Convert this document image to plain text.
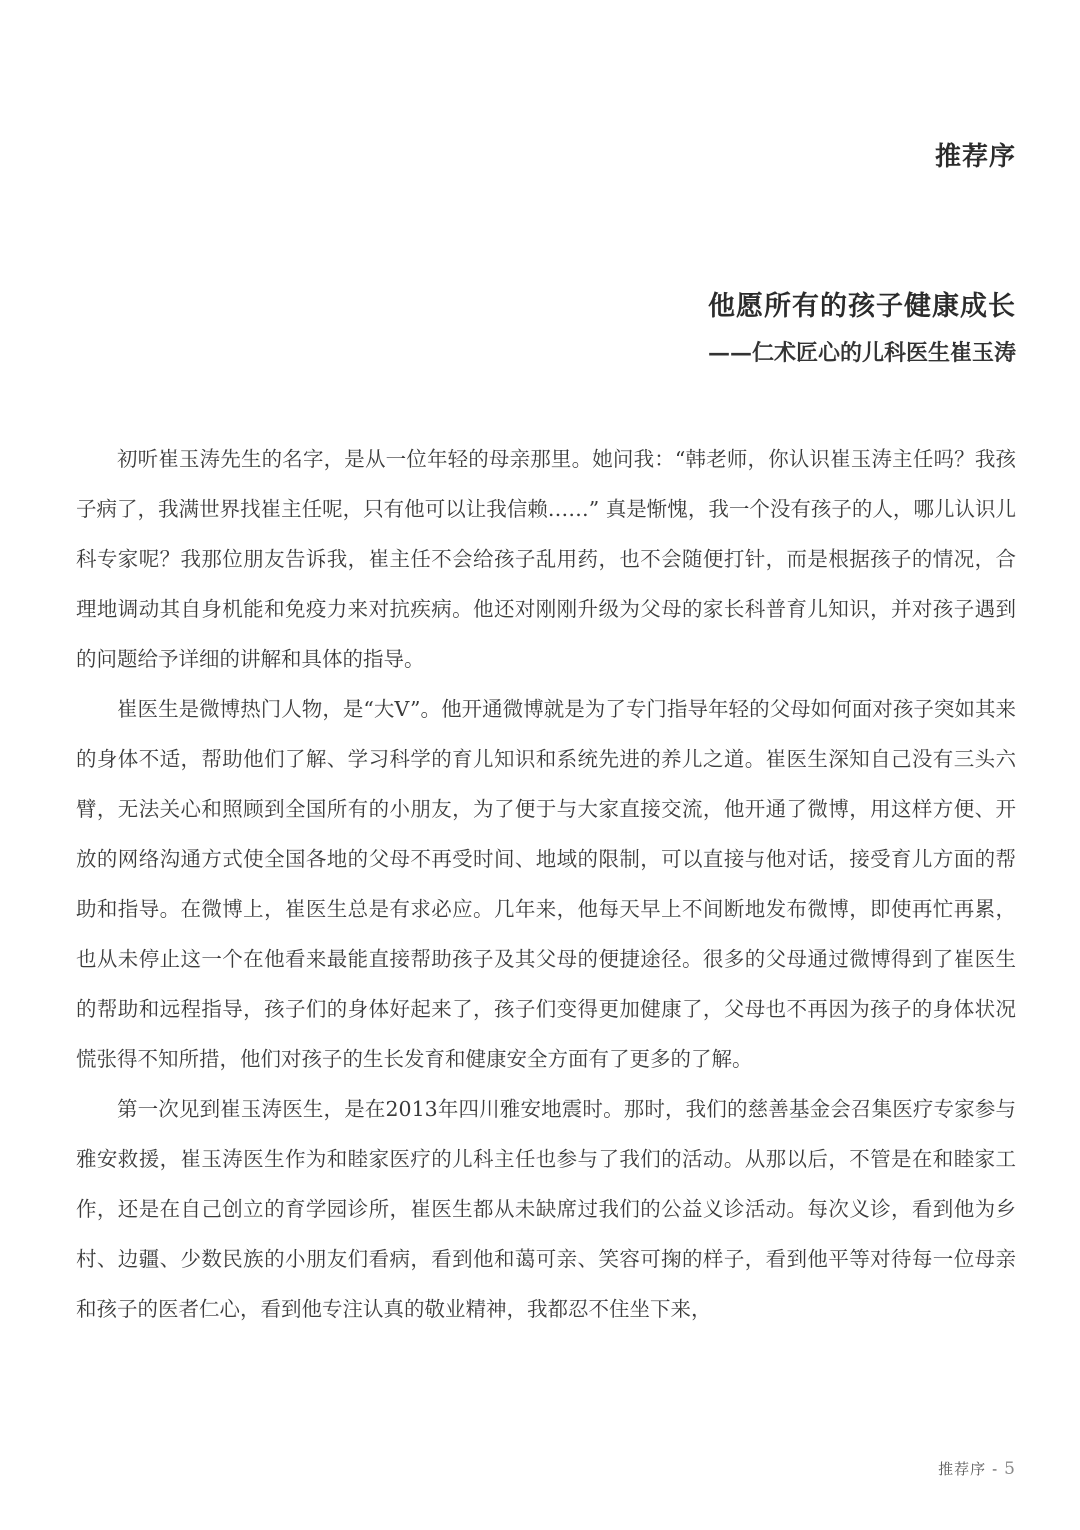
推荐序
他愿所有的孩子健康成长
——仁术匠心的儿科医生崔玉涛

初听崔玉涛先生的名字，是从一位年轻的母亲那里。她问我：“韩老师，你认识崔玉涛主任吗？我孩子病了，我满世界找崔主任呢，只有他可以让我信赖……” 真是惭愧，我一个没有孩子的人，哪儿认识儿科专家呢？我那位朋友告诉我，崔主任不会给孩子乱用药，也不会随便打针，而是根据孩子的情况，合理地调动其自身机能和免疫力来对抗疾病。他还对刚刚升级为父母的家长科普育儿知识，并对孩子遇到的问题给予详细的讲解和具体的指导。

崔医生是微博热门人物，是“大V”。他开通微博就是为了专门指导年轻的父母如何面对孩子突如其来的身体不适，帮助他们了解、学习科学的育儿知识和系统先进的养儿之道。崔医生深知自己没有三头六臂，无法关心和照顾到全国所有的小朋友，为了便于与大家直接交流，他开通了微博，用这样方便、开放的网络沟通方式使全国各地的父母不再受时间、地域的限制，可以直接与他对话，接受育儿方面的帮助和指导。在微博上，崔医生总是有求必应。几年来，他每天早上不间断地发布微博，即使再忙再累，也从未停止这一个在他看来最能直接帮助孩子及其父母的便捷途径。很多的父母通过微博得到了崔医生的帮助和远程指导，孩子们的身体好起来了，孩子们变得更加健康了，父母也不再因为孩子的身体状况慌张得不知所措，他们对孩子的生长发育和健康安全方面有了更多的了解。

第一次见到崔玉涛医生，是在2013年四川雅安地震时。那时，我们的慈善基金会召集医疗专家参与雅安救援，崔玉涛医生作为和睦家医疗的儿科主任也参与了我们的活动。从那以后，不管是在和睦家工作，还是在自己创立的育学园诊所，崔医生都从未缺席过我们的公益义诊活动。每次义诊，看到他为乡村、边疆、少数民族的小朋友们看病，看到他和蔼可亲、笑容可掬的样子，看到他平等对待每一位母亲和孩子的医者仁心，看到他专注认真的敬业精神，我都忍不住坐下来，

推荐序 - 5
